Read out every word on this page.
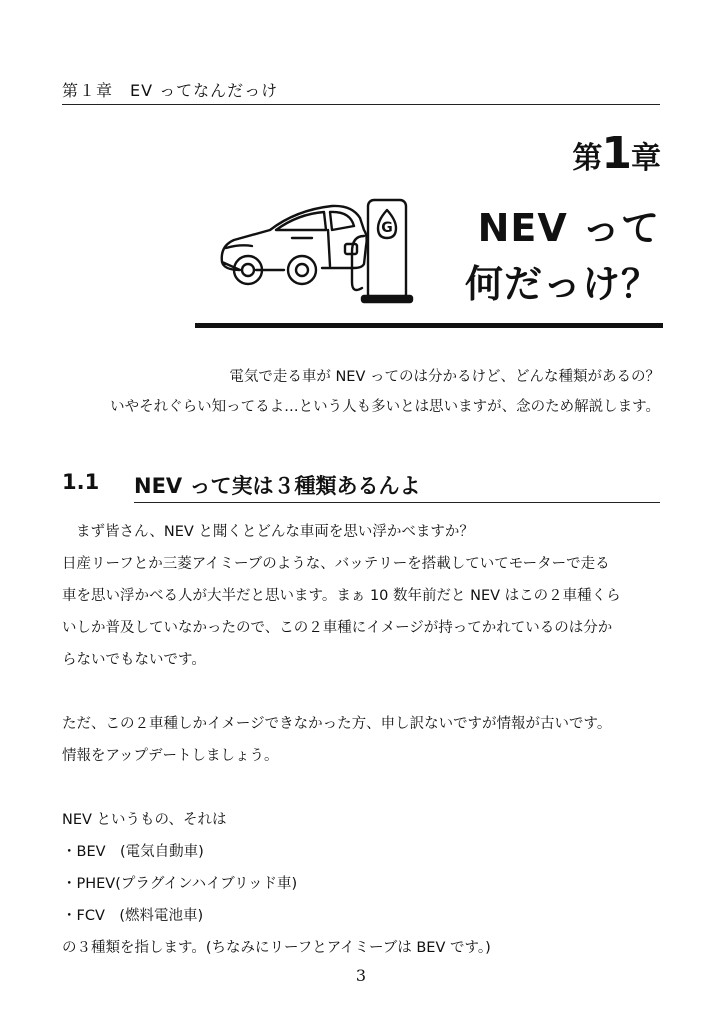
第１章　EV ってなんだっけ
第1章
NEV って
何だっけ？
G

電気で走る車が NEV ってのは分かるけど、どんな種類があるの？

いやそれぐらい知ってるよ…という人も多いとは思いますが、念のため解説します。

1.1 NEV って実は３種類あるんよ

まず皆さん、NEV と聞くとどんな車両を思い浮かべますか？

日産リーフとか三菱アイミーブのような、バッテリーを搭載していてモーターで走る

車を思い浮かべる人が大半だと思います。まぁ 10 数年前だと NEV はこの２車種くら

いしか普及していなかったので、この２車種にイメージが持ってかれているのは分か

らないでもないです。

ただ、この２車種しかイメージできなかった方、申し訳ないですが情報が古いです。

情報をアップデートしましょう。

NEV というもの、それは

・BEV　(電気自動車)

・PHEV(プラグインハイブリッド車)

・FCV　(燃料電池車)

の３種類を指します。(ちなみにリーフとアイミーブは BEV です。)

3
